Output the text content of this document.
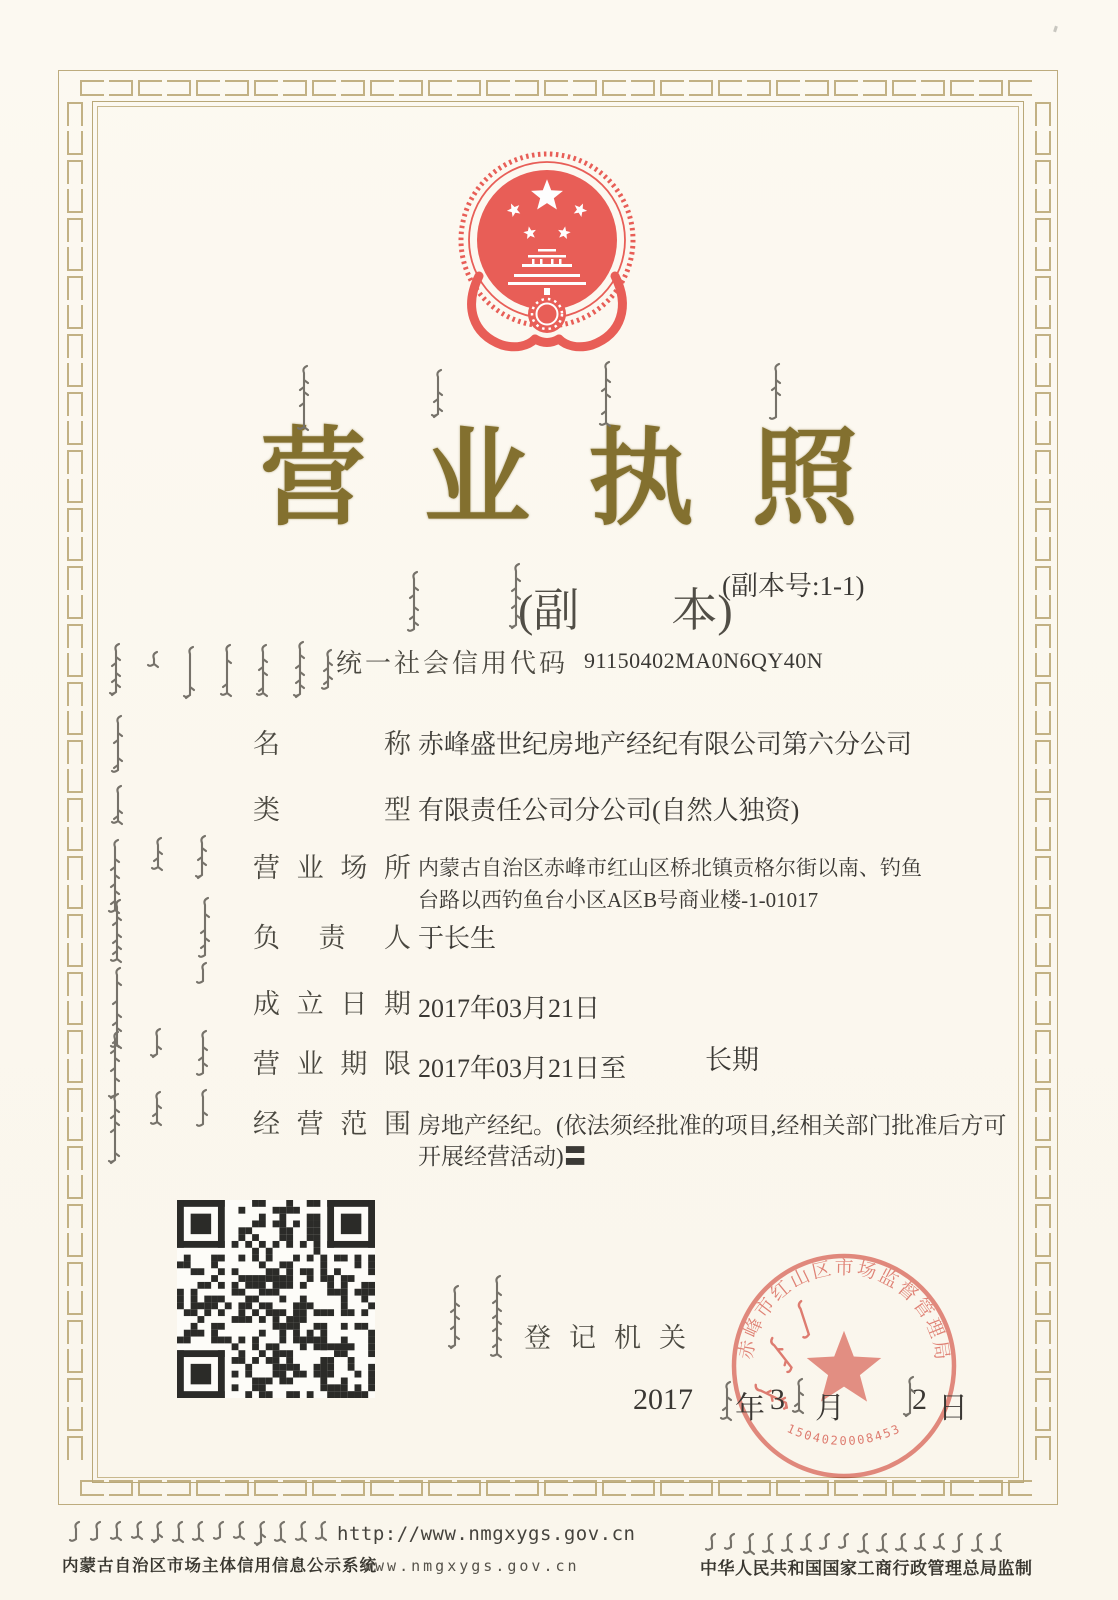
营业执照
(副　　本)
(副本号:1-1)
统一社会信用代码 91150402MA0N6QY40N
名	称 赤峰盛世纪房地产经纪有限公司第六分公司
类	型 有限责任公司分公司(自然人独资)
营 业 场 所 内蒙古自治区赤峰市红山区桥北镇贡格尔街以南、钓鱼台路以西钓鱼台小区A区B号商业楼-1-01017
负 责 人 于长生
成 立 日 期 2017年03月21日
营 业 期 限 2017年03月21日至	长期
经 营 范 围 房地产经纪。(依法须经批准的项目,经相关部门批准后方可开展经营活动)〓
登记机关 赤峰市红山区市场监督管理局
1504020008453
2017 年 3 月 2 日
http://www.nmgxygs.gov.cn
内蒙古自治区市场主体信用信息公示系统
www.nmgxygs.gov.cn	中华人民共和国国家工商行政管理总局监制
